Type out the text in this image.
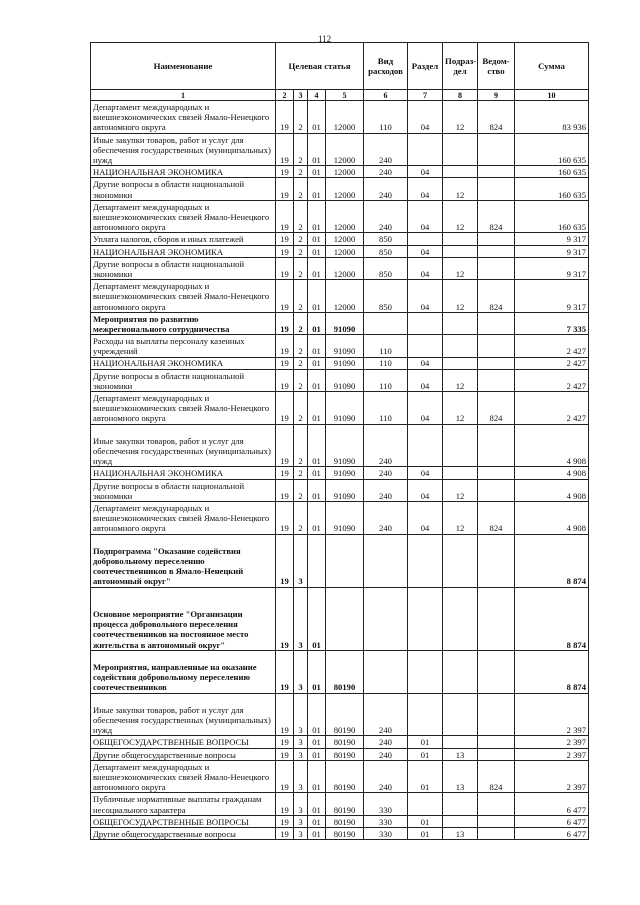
112
Наименование	Целевая статья				Вид расходов	Раздел	Подраз-дел	Ведом-ство	Сумма
1	2	3	4	5	6	7	8	9	10
Департамент международных и внешнеэкономических связей Ямало-Ненецкого автономного округа	19	2	01	12000	110	04	12	824	83 936
Иные закупки товаров, работ и услуг для обеспечения государственных (муниципальных) нужд	19	2	01	12000	240				160 635
НАЦИОНАЛЬНАЯ ЭКОНОМИКА	19	2	01	12000	240	04			160 635
Другие вопросы в области национальной экономики	19	2	01	12000	240	04	12		160 635
Департамент международных и внешнеэкономических связей Ямало-Ненецкого автономного округа	19	2	01	12000	240	04	12	824	160 635
Уплата налогов, сборов и иных платежей	19	2	01	12000	850				9 317
НАЦИОНАЛЬНАЯ ЭКОНОМИКА	19	2	01	12000	850	04			9 317
Другие вопросы в области национальной экономики	19	2	01	12000	850	04	12		9 317
Департамент международных и внешнеэкономических связей Ямало-Ненецкого автономного округа	19	2	01	12000	850	04	12	824	9 317
Мероприятия по развитию межрегионального сотрудничества	19	2	01	91090					7 335
Расходы на выплаты персоналу казенных учреждений	19	2	01	91090	110				2 427
НАЦИОНАЛЬНАЯ ЭКОНОМИКА	19	2	01	91090	110	04			2 427
Другие вопросы в области национальной экономики	19	2	01	91090	110	04	12		2 427
Департамент международных и внешнеэкономических связей Ямало-Ненецкого автономного округа	19	2	01	91090	110	04	12	824	2 427
Иные закупки товаров, работ и услуг для обеспечения государственных (муниципальных) нужд	19	2	01	91090	240				4 908
НАЦИОНАЛЬНАЯ ЭКОНОМИКА	19	2	01	91090	240	04			4 908
Другие вопросы в области национальной экономики	19	2	01	91090	240	04	12		4 908
Департамент международных и внешнеэкономических связей Ямало-Ненецкого автономного округа	19	2	01	91090	240	04	12	824	4 908
Подпрограмма "Оказание содействия добровольному переселению соотечественников в Ямало-Ненецкий автономный округ"	19	3							8 874
Основное мероприятие "Организации процесса добровольного переселения соотечественников на постоянное место жительства в автономный округ"	19	3	01						8 874
Мероприятия, направленные на оказание содействия добровольному переселению соотечественников	19	3	01	80190					8 874
Иные закупки товаров, работ и услуг для обеспечения государственных (муниципальных) нужд	19	3	01	80190	240				2 397
ОБЩЕГОСУДАРСТВЕННЫЕ ВОПРОСЫ	19	3	01	80190	240	01			2 397
Другие общегосударственные вопросы	19	3	01	80190	240	01	13		2 397
Департамент международных и внешнеэкономических связей Ямало-Ненецкого автономного округа	19	3	01	80190	240	01	13	824	2 397
Публичные нормативные выплаты гражданам несоциального характера	19	3	01	80190	330				6 477
ОБЩЕГОСУДАРСТВЕННЫЕ ВОПРОСЫ	19	3	01	80190	330	01			6 477
Другие общегосударственные вопросы	19	3	01	80190	330	01	13		6 477
